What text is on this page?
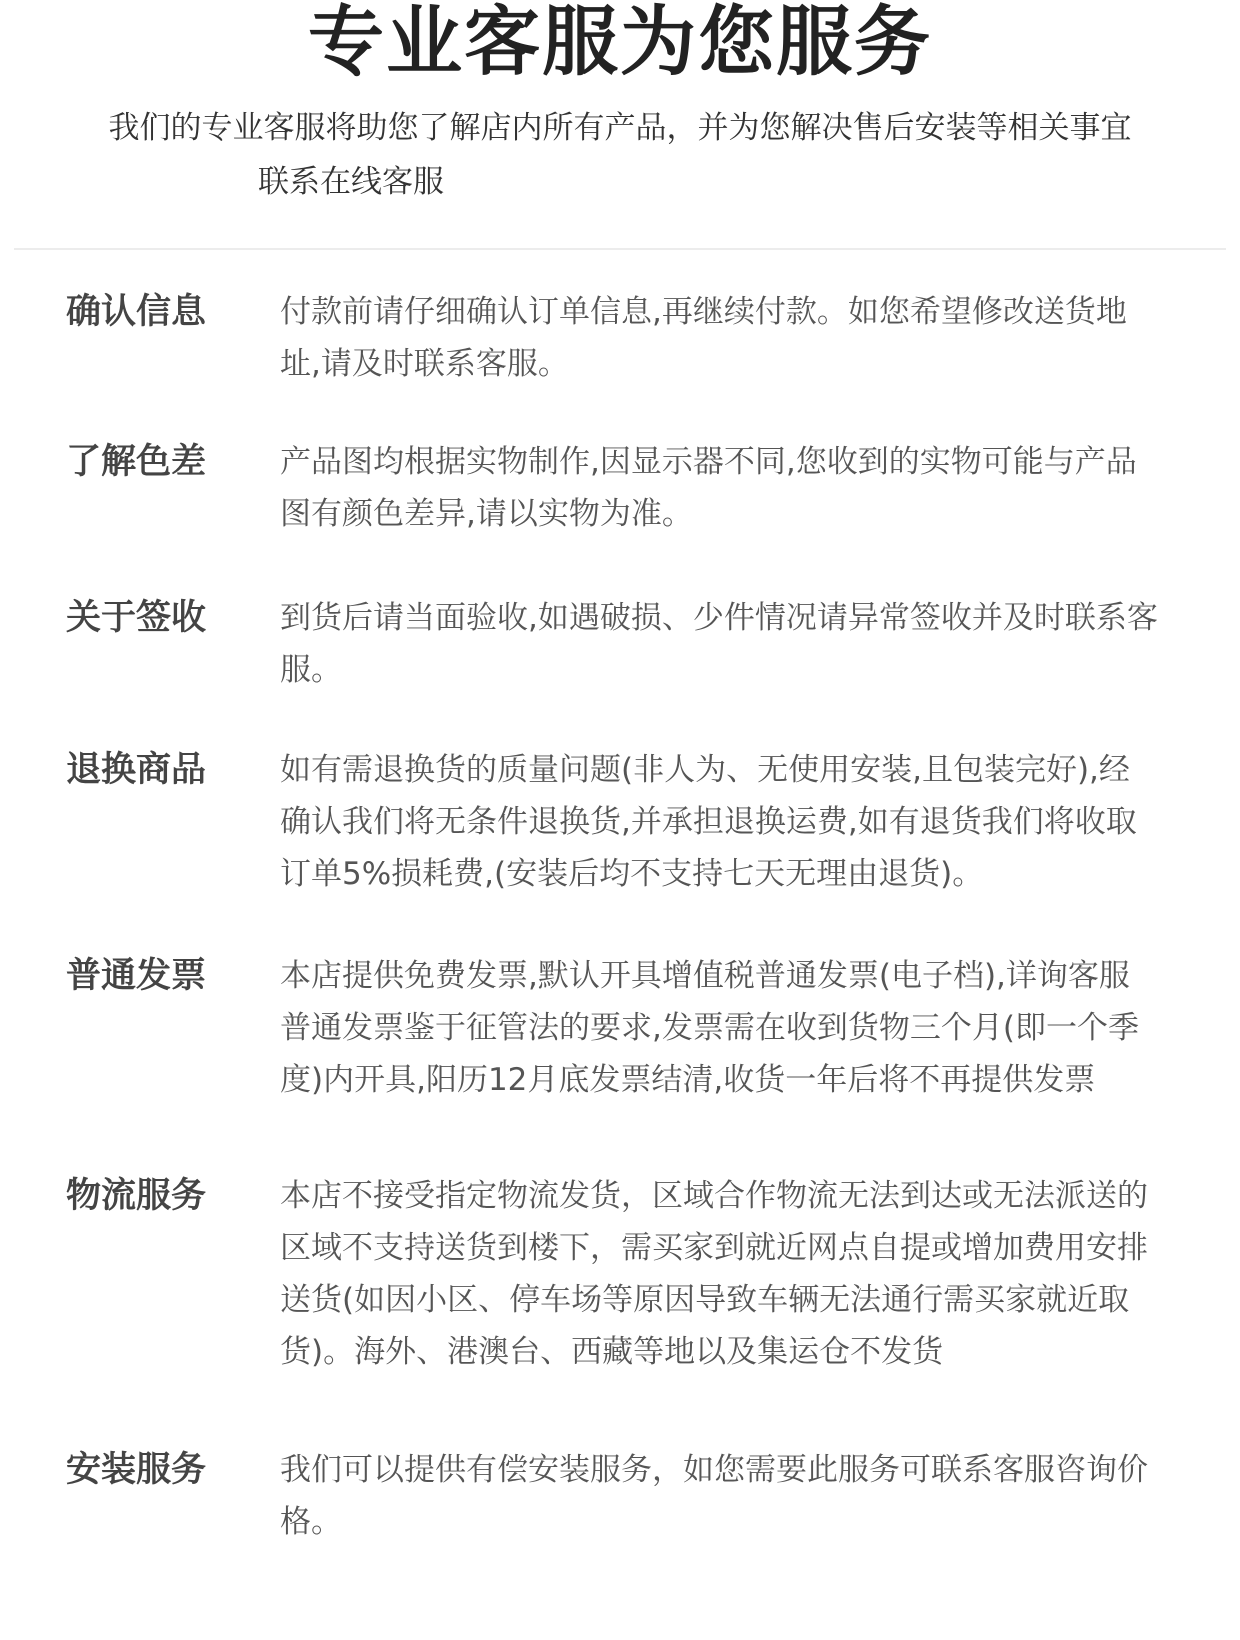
专业客服为您服务
我们的专业客服将助您了解店内所有产品，并为您解决售后安装等相关事宜
联系在线客服
确认信息	付款前请仔细确认订单信息,再继续付款。如您希望修改送货地址,请及时联系客服。
了解色差	产品图均根据实物制作,因显示器不同,您收到的实物可能与产品图有颜色差异,请以实物为准。
关于签收	到货后请当面验收,如遇破损、少件情况请异常签收并及时联系客服。
退换商品	如有需退换货的质量问题(非人为、无使用安装,且包装完好),经确认我们将无条件退换货,并承担退换运费,如有退货我们将收取订单5%损耗费,(安装后均不支持七天无理由退货)。
普通发票	本店提供免费发票,默认开具增值税普通发票(电子档),详询客服普通发票鉴于征管法的要求,发票需在收到货物三个月(即一个季度)内开具,阳历12月底发票结清,收货一年后将不再提供发票
物流服务	本店不接受指定物流发货，区域合作物流无法到达或无法派送的区域不支持送货到楼下，需买家到就近网点自提或增加费用安排送货(如因小区、停车场等原因导致车辆无法通行需买家就近取货)。海外、港澳台、西藏等地以及集运仓不发货
安装服务	我们可以提供有偿安装服务，如您需要此服务可联系客服咨询价格。
